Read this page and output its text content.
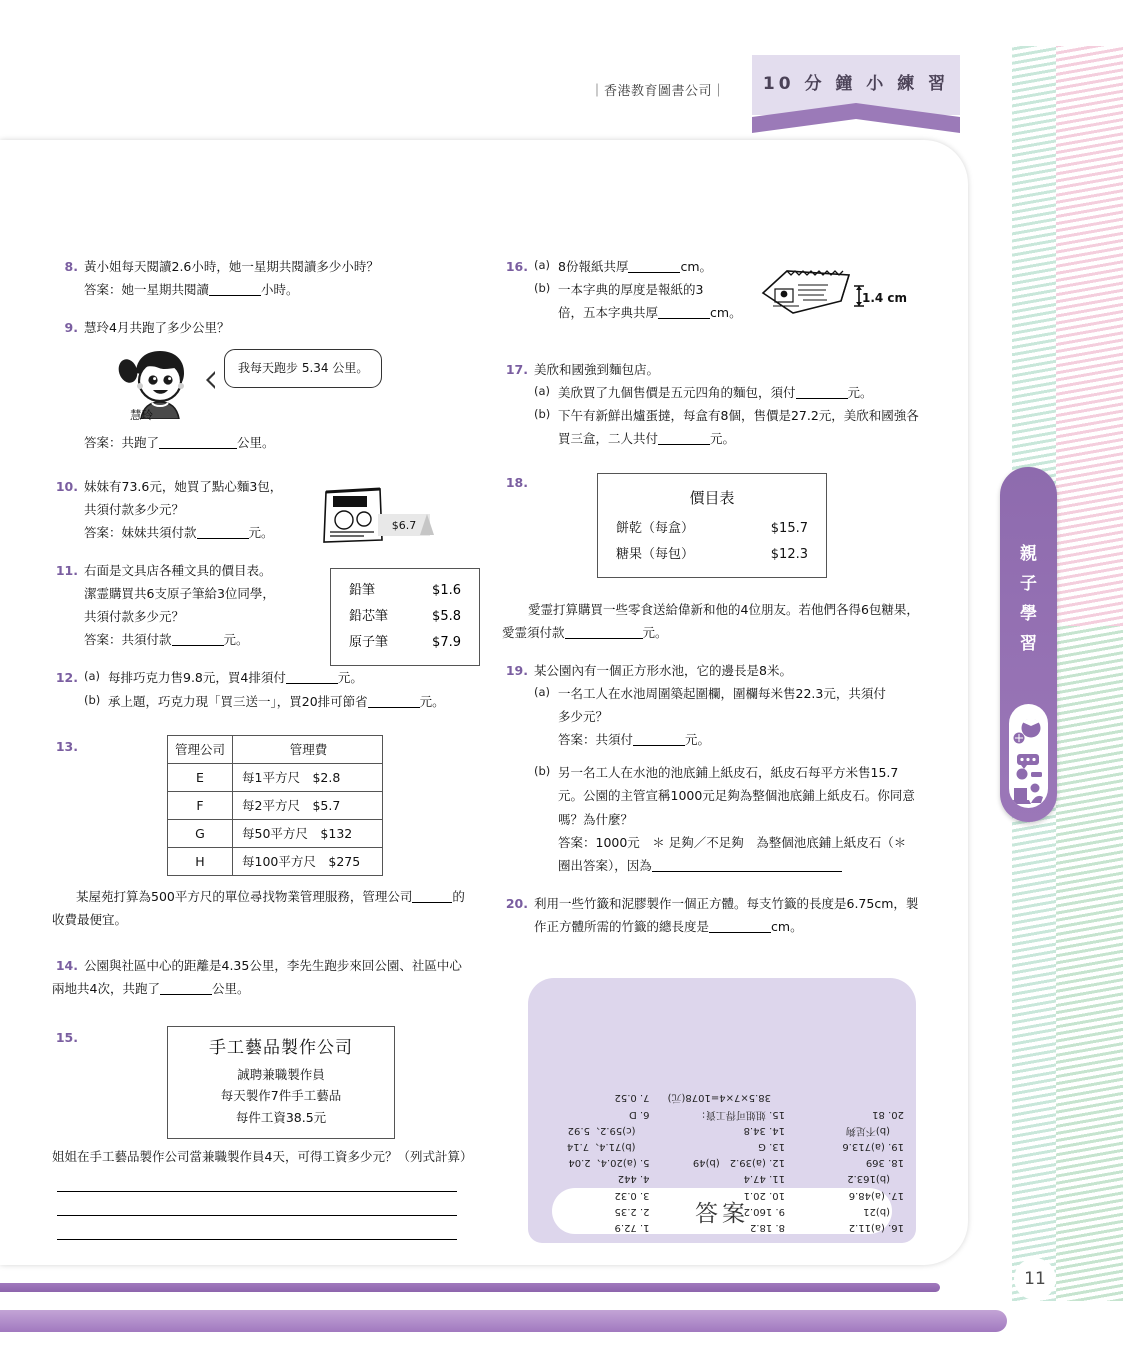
｜香港教育圖書公司｜	10 分 鐘 小 練 習
8. 黃小姐每天閱讀2.6小時，她一星期共閱讀多少小時？
答案：她一星期共閱讀	小時。
9. 慧玲4月共跑了多少公里？
我每天跑步 5.34 公里。
慧玲
答案：共跑了	公里。
10. 妹妹有73.6元，她買了點心麵3包，
共須付款多少元？
答案：妹妹共須付款	元。
11. 右面是文具店各種文具的價目表。
潔霊購買共6支原子筆給3位同學，
共須付款多少元？
答案：共須付款	元。
12. (a) 每排巧克力售9.8元，買4排須付	元。
(b) 承上題，巧克力現「買三送一」，買20排可節省	元。
13.	管理公司	管理費
E	每1平方尺　$2.8
F	每2平方尺　$5.7
G	每50平方尺　$132
H	每100平方尺　$275
某屋苑打算為500平方尺的單位尋找物業管理服務，管理公司	的收費最便宜。
14. 公園與社區中心的距離是4.35公里，李先生跑步來回公園、社區中心兩地共4次，共跑了	公里。
15.
手工藝品製作公司
誠聘兼職製作員
每天製作7件手工藝品
每件工資38.5元
姐姐在手工藝品製作公司當兼職製作員4天，可得工資多少元？（列式計算）
$6.7
鉛筆	$1.6
鉛芯筆	$5.8
原子筆	$7.9
16. (a) 8份報紙共厚	cm。
(b) 一本字典的厚度是報紙的3
倍，五本字典共厚	cm。
1.4 cm
17. 美欣和國強到麵包店。
(a) 美欣買了九個售價是五元四角的麵包，須付	元。
(b) 下午有新鮮出爐蛋撻，每盒有8個，售價是27.2元，美欣和國強各買三盒，二人共付	元。
18.
價目表
餅乾（每盒）	$15.7
糖果（每包）	$12.3
愛霊打算購買一些零食送給偉新和他的4位朋友。若他們各得6包糖果，愛霊須付款	元。
19. 某公園內有一個正方形水池，它的邊長是8米。
(a) 一名工人在水池周圍築起圍欄，圍欄每米售22.3元，共須付
多少元？
答案：共須付	元。
(b) 另一名工人在水池的池底鋪上紙皮石，紙皮石每平方米售15.7元。公園的主管宣稱1000元足夠為整個池底鋪上紙皮石。你同意嗎？為什麼？
答案：1000元　＊ 足夠／不足夠　為整個池底鋪上紙皮石（＊ 圈出答案），因為
20. 利用一些竹籤和泥膠製作一個正方體。每支竹籤的長度是6.75cm，製作正方體所需的竹籤的總長度是	cm。
答案
16. (a)11.2
(b)21
17. (a)48.6
(b)163.2
18. 369
19. (a)713.6
(b)不足夠
20. 81
8. 18.2
9. 160.2
10. 20.1
11. 47.4
12. (a)39.2　(b)49
13. G
14. 34.8
15. 姐姐可得工資：
38.5×7×4=1078(元)
1. 72.9
2. 2.35
3. 0.32
4. 442
5. (a)20.4、2.04
(b)71.4、7.14
(c)59.2、5.92
6. D
7. 0.52
親
子
學
習
11
